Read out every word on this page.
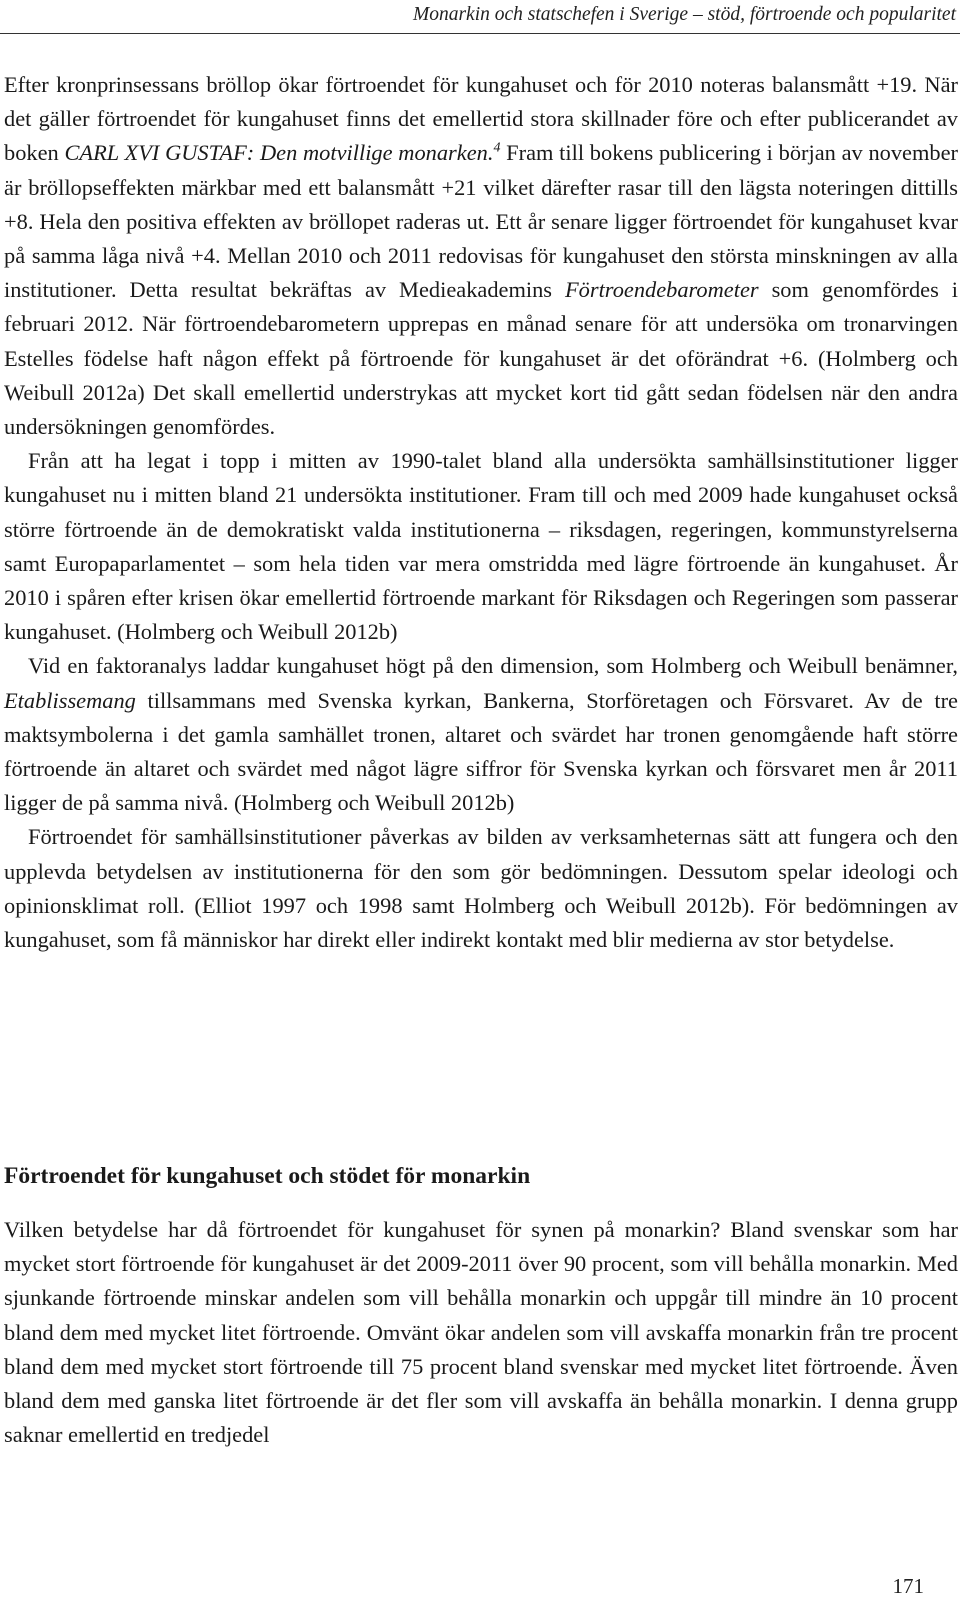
Monarkin och statschefen i Sverige – stöd, förtroende och popularitet

Efter kronprinsessans bröllop ökar förtroendet för kungahuset och för 2010 noteras balansmått +19. När det gäller förtroendet för kungahuset finns det emellertid stora skillnader före och efter publicerandet av boken CARL XVI GUSTAF: Den motvillige monarken.$^4$ Fram till bokens publicering i början av november är bröllopseffekten märkbar med ett balansmått +21 vilket därefter rasar till den lägsta noteringen dittills +8. Hela den positiva effekten av bröllopet raderas ut. Ett år senare ligger förtroendet för kungahuset kvar på samma låga nivå +4. Mellan 2010 och 2011 redovisas för kungahuset den största minskningen av alla institutioner. Detta resultat bekräftas av Medieakademins Förtroendebarometer som genomfördes i februari 2012. När förtroendebarometern upprepas en månad senare för att undersöka om tronarvingen Estelles födelse haft någon effekt på förtroende för kungahuset är det oförändrat +6. (Holmberg och Weibull 2012a) Det skall emellertid understrykas att mycket kort tid gått sedan födelsen när den andra undersökningen genomfördes.

Från att ha legat i topp i mitten av 1990-talet bland alla undersökta samhällsinstitutioner ligger kungahuset nu i mitten bland 21 undersökta institutioner. Fram till och med 2009 hade kungahuset också större förtroende än de demokratiskt valda institutionerna – riksdagen, regeringen, kommunstyrelserna samt Europaparlamentet – som hela tiden var mera omstridda med lägre förtroende än kungahuset. År 2010 i spåren efter krisen ökar emellertid förtroende markant för Riksdagen och Regeringen som passerar kungahuset. (Holmberg och Weibull 2012b)

Vid en faktoranalys laddar kungahuset högt på den dimension, som Holmberg och Weibull benämner, Etablissemang tillsammans med Svenska kyrkan, Bankerna, Storföretagen och Försvaret. Av de tre maktsymbolerna i det gamla samhället tronen, altaret och svärdet har tronen genomgående haft större förtroende än altaret och svärdet med något lägre siffror för Svenska kyrkan och försvaret men år 2011 ligger de på samma nivå. (Holmberg och Weibull 2012b)

Förtroendet för samhällsinstitutioner påverkas av bilden av verksamheternas sätt att fungera och den upplevda betydelsen av institutionerna för den som gör bedömningen. Dessutom spelar ideologi och opinionsklimat roll. (Elliot 1997 och 1998 samt Holmberg och Weibull 2012b). För bedömningen av kungahuset, som få människor har direkt eller indirekt kontakt med blir medierna av stor betydelse.

Förtroendet för kungahuset och stödet för monarkin

Vilken betydelse har då förtroendet för kungahuset för synen på monarkin? Bland svenskar som har mycket stort förtroende för kungahuset är det 2009-2011 över 90 procent, som vill behålla monarkin. Med sjunkande förtroende minskar andelen som vill behålla monarkin och uppgår till mindre än 10 procent bland dem med mycket litet förtroende. Omvänt ökar andelen som vill avskaffa monarkin från tre procent bland dem med mycket stort förtroende till 75 procent bland svenskar med mycket litet förtroende. Även bland dem med ganska litet förtroende är det fler som vill avskaffa än behålla monarkin. I denna grupp saknar emellertid en tredjedel

171
